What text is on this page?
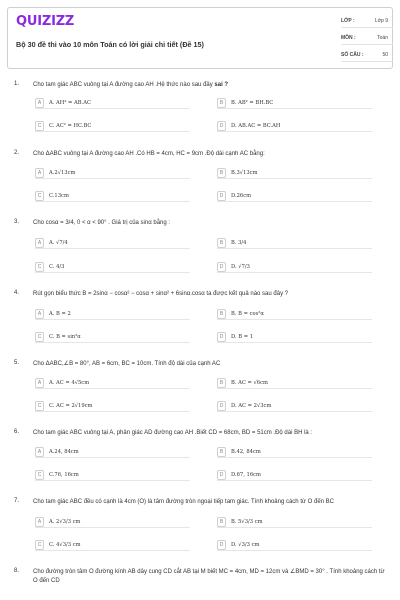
QUIZIZZ
Bộ 30 đề thi vào 10 môn Toán có lời giải chi tiết (Đề 15)
LỚP :	Lớp 9
MÔN :	Toán
SỐ CÂU :	50
1. Cho tam giác ABC vuông tại A đường cao AH .Hệ thức nào sau đây sai ?
A	A. AH² = AB.AC	B	B. AB² = BH.BC
C	C. AC² = HC.BC	D	D. AB.AC = BC.AH
2. Cho ΔABC vuông tại A đường cao AH .Có HB = 4cm, HC = 9cm .Độ dài cạnh AC bằng:
A	A.2√13cm	B	B.3√13cm
C	C.13cm	D	D.26cm
3. Cho cosα = 3/4, 0 < α < 90° . Giá trị của sinα bằng :
A	A. √7/4	B	B. 3/4
C	C. 4/3	D	D. √7/3
4. Rút gọn biểu thức B = 2sinα − cosα² − cosα + sinα² + 6sinα.cosα ta được kết quả nào sau đây ?
A	A. B = 2	B	B. B = cos²α
C	C. B = sin²α	D	D. B = 1
5. Cho ΔABC,∠B = 80°, AB = 6cm, BC = 10cm. Tính độ dài của cạnh AC
A	A. AC = 4√5cm	B	B. AC = √6cm
C	C. AC = 2√19cm	D	D. AC = 2√3cm
6. Cho tam giác ABC vuông tại A, phân giác AD đường cao AH .Biết CD = 68cm, BD = 51cm .Độ dài BH là :
A	A.24, 84cm	B	B.42, 84cm
C	C.76, 16cm	D	D.67, 16cm
7. Cho tam giác ABC đều có cạnh là 4cm (O) là tâm đường tròn ngoại tiếp tam giác. Tính khoảng cách từ O đến BC
A	A. 2√3/3 cm	B	B. 5√3/3 cm
C	C. 4√3/3 cm	D	D. √3/3 cm
8. Cho đường tròn tâm O đường kính AB dây cung CD cắt AB tại M biết MC = 4cm, MD = 12cm và ∠BMD = 30° . Tính khoảng cách từ O đến CD
